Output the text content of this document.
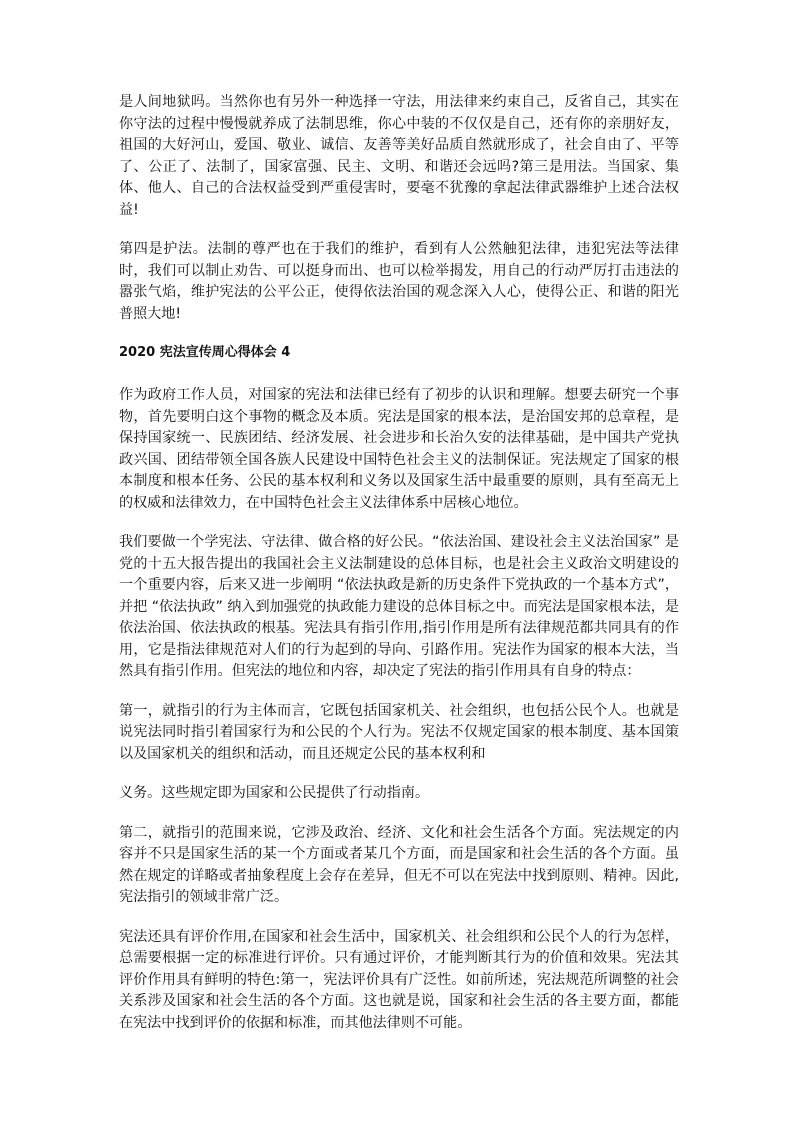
是人间地狱吗。当然你也有另外一种选择一守法，用法律来约束自己，反省自己，其实在你守法的过程中慢慢就养成了法制思维，你心中装的不仅仅是自己，还有你的亲朋好友，祖国的大好河山，爱国、敬业、诚信、友善等美好品质自然就形成了，社会自由了、平等了、公正了、法制了，国家富强、民主、文明、和谐还会远吗?第三是用法。当国家、集体、他人、自己的合法权益受到严重侵害时，要毫不犹豫的拿起法律武器维护上述合法权益!

第四是护法。法制的尊严也在于我们的维护，看到有人公然触犯法律，违犯宪法等法律时，我们可以制止劝告、可以挺身而出、也可以检举揭发，用自己的行动严厉打击违法的嚣张气焰，维护宪法的公平公正，使得依法治国的观念深入人心，使得公正、和谐的阳光普照大地!

2020 宪法宣传周心得体会 4

作为政府工作人员，对国家的宪法和法律已经有了初步的认识和理解。想要去研究一个事物，首先要明白这个事物的概念及本质。宪法是国家的根本法，是治国安邦的总章程，是保持国家统一、民族团结、经济发展、社会进步和长治久安的法律基础，是中国共产党执政兴国、团结带领全国各族人民建设中国特色社会主义的法制保证。宪法规定了国家的根本制度和根本任务、公民的基本权利和义务以及国家生活中最重要的原则，具有至高无上的权威和法律效力，在中国特色社会主义法律体系中居核心地位。

我们要做一个学宪法、守法律、做合格的好公民。“依法治国、建设社会主义法治国家” 是党的十五大报告提出的我国社会主义法制建设的总体目标，也是社会主义政治文明建设的一个重要内容，后来又进一步阐明 “依法执政是新的历史条件下党执政的一个基本方式”，并把 “依法执政” 纳入到加强党的执政能力建设的总体目标之中。而宪法是国家根本法，是依法治国、依法执政的根基。宪法具有指引作用,指引作用是所有法律规范都共同具有的作用，它是指法律规范对人们的行为起到的导向、引路作用。宪法作为国家的根本大法，当然具有指引作用。但宪法的地位和内容，却决定了宪法的指引作用具有自身的特点：

第一，就指引的行为主体而言，它既包括国家机关、社会组织，也包括公民个人。也就是说宪法同时指引着国家行为和公民的个人行为。宪法不仅规定国家的根本制度、基本国策以及国家机关的组织和活动，而且还规定公民的基本权利和

义务。这些规定即为国家和公民提供了行动指南。

第二，就指引的范围来说，它涉及政治、经济、文化和社会生活各个方面。宪法规定的内容并不只是国家生活的某一个方面或者某几个方面，而是国家和社会生活的各个方面。虽然在规定的详略或者抽象程度上会存在差异，但无不可以在宪法中找到原则、精神。因此,宪法指引的领域非常广泛。

宪法还具有评价作用,在国家和社会生活中，国家机关、社会组织和公民个人的行为怎样，总需要根据一定的标准进行评价。只有通过评价，才能判断其行为的价值和效果。宪法其评价作用具有鲜明的特色:第一，宪法评价具有广泛性。如前所述，宪法规范所调整的社会关系涉及国家和社会生活的各个方面。这也就是说，国家和社会生活的各主要方面，都能在宪法中找到评价的依据和标准，而其他法律则不可能。
